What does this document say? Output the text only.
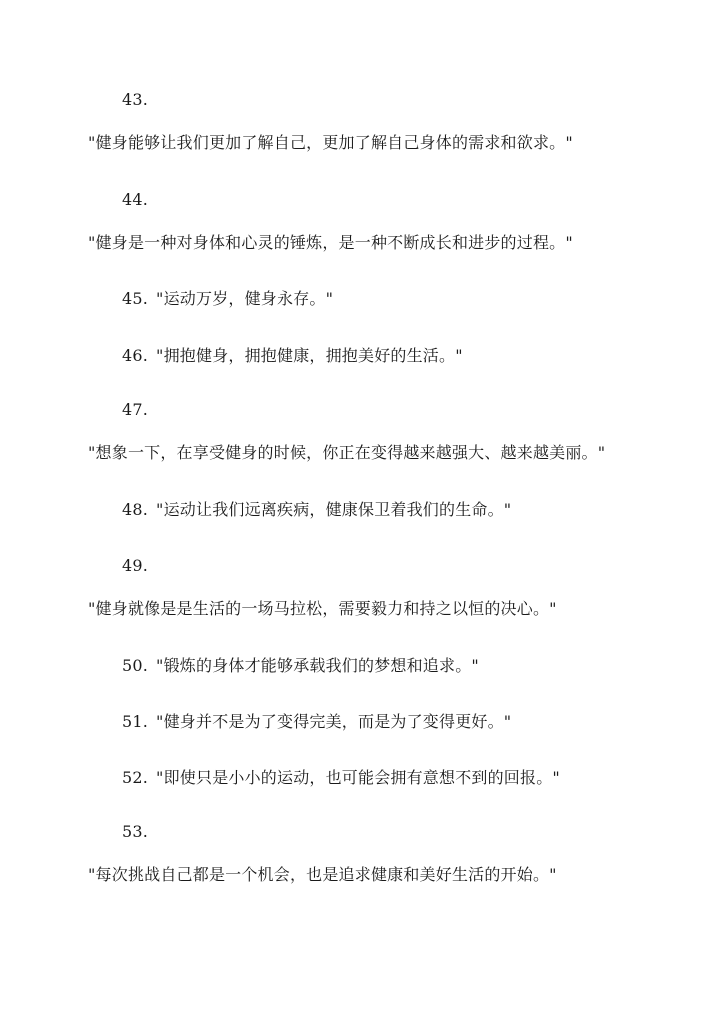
43.
"健身能够让我们更加了解自己，更加了解自己身体的需求和欲求。"
44.
"健身是一种对身体和心灵的锤炼，是一种不断成长和进步的过程。"
45. "运动万岁，健身永存。"
46. "拥抱健身，拥抱健康，拥抱美好的生活。"
47.
"想象一下，在享受健身的时候，你正在变得越来越强大、越来越美丽。"
48. "运动让我们远离疾病，健康保卫着我们的生命。"
49.
"健身就像是是生活的一场马拉松，需要毅力和持之以恒的决心。"
50. "锻炼的身体才能够承载我们的梦想和追求。"
51. "健身并不是为了变得完美，而是为了变得更好。"
52. "即使只是小小的运动，也可能会拥有意想不到的回报。"
53.
"每次挑战自己都是一个机会，也是追求健康和美好生活的开始。"
